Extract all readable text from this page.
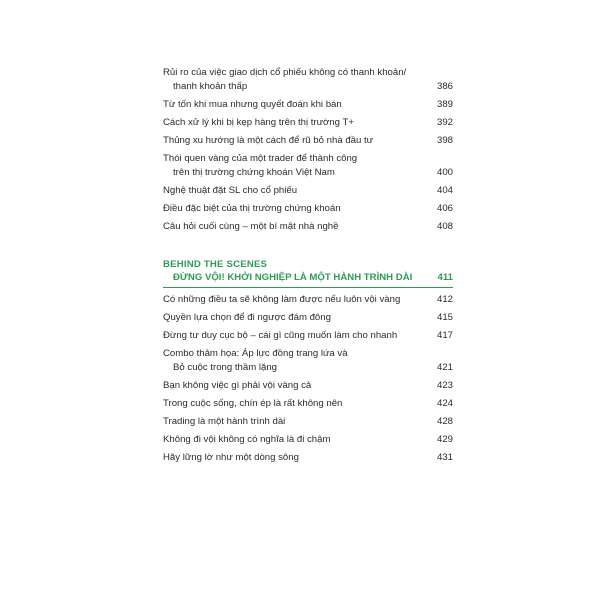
Rủi ro của việc giao dịch cổ phiếu không có thanh khoản/
thanh khoản thấp	386
Từ tốn khi mua nhưng quyết đoán khi bán	389
Cách xử lý khi bị kẹp hàng trên thị trường T+	392
Thủng xu hướng là một cách để rũ bỏ nhà đầu tư	398
Thói quen vàng của một trader để thành công
trên thị trường chứng khoán Việt Nam	400
Nghệ thuật đặt SL cho cổ phiếu	404
Điều đặc biệt của thị trường chứng khoán	406
Câu hỏi cuối cùng – một bí mật nhà nghề	408
BEHIND THE SCENES
ĐỪNG VỘI! KHỞI NGHIỆP LÀ MỘT HÀNH TRÌNH DÀI	411
Có những điều ta sẽ không làm được nếu luôn vội vàng	412
Quyền lựa chọn để đi ngược đám đông	415
Đừng tư duy cục bộ – cái gì cũng muốn làm cho nhanh	417
Combo thảm họa: Áp lực đồng trang lứa và
Bỏ cuộc trong thầm lặng	421
Bạn không việc gì phải vội vàng cả	423
Trong cuộc sống, chín ép là rất không nên	424
Trading là một hành trình dài	428
Không đi vội không có nghĩa là đi chậm	429
Hãy lững lờ như một dòng sông	431
